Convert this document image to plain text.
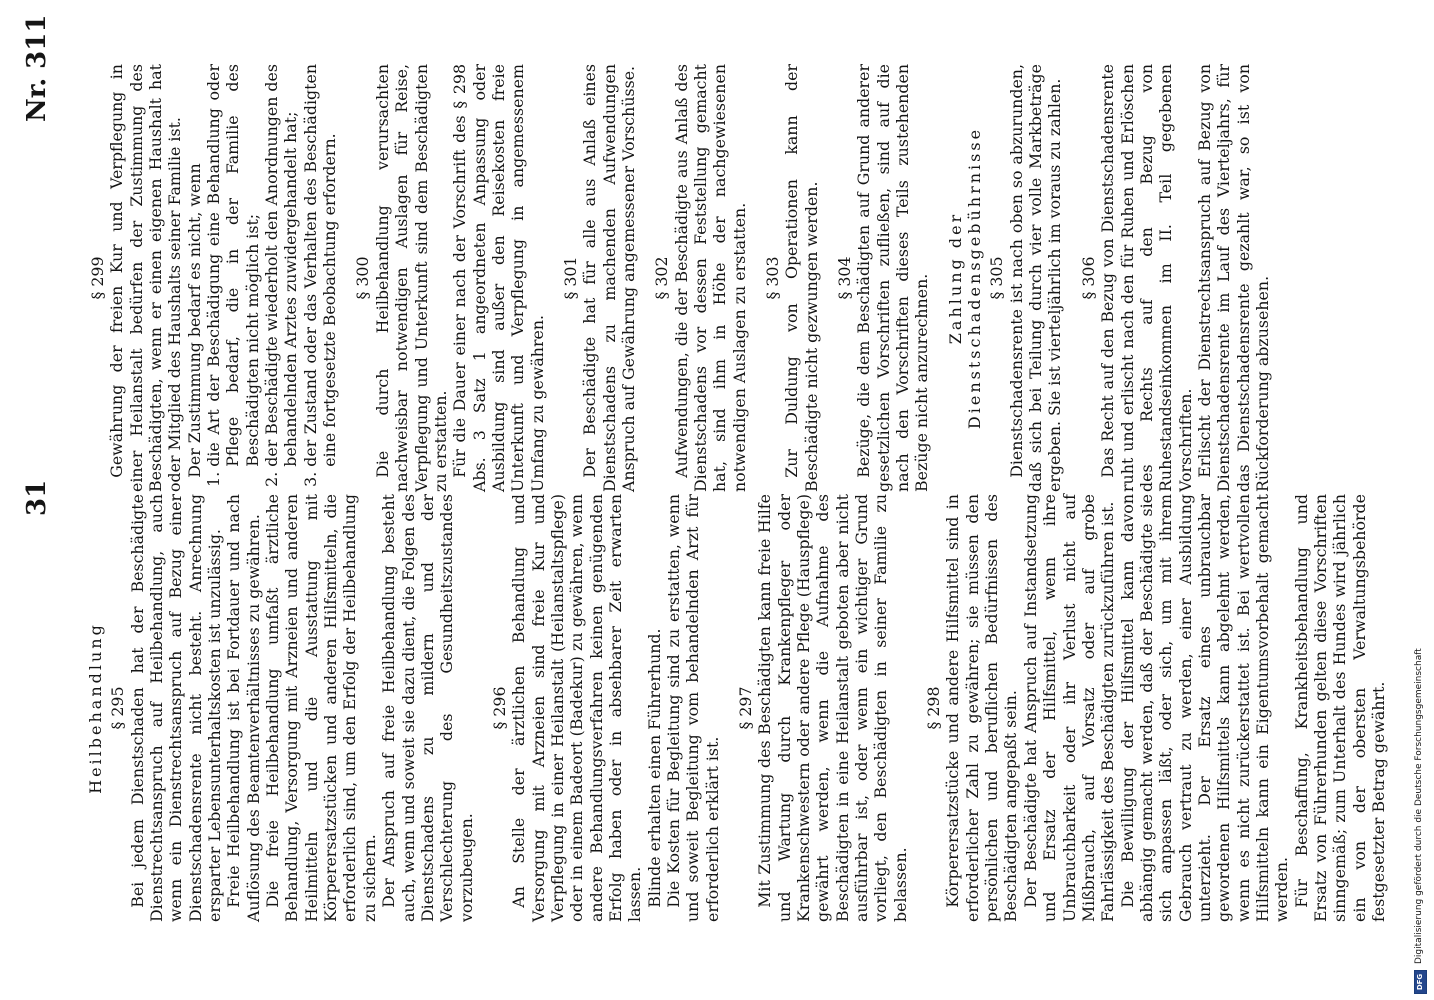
31
Nr. 311
Heilbehandlung § 295 Bei jedem Dienstschaden hat der Beschädigte Dienstrechtsanspruch auf Heilbehandlung, auch wenn ein Dienstrechtsanspruch auf Bezug einer Dienstschadensrente nicht besteht. Anrechnung ersparter Lebensunterhaltskosten ist unzulässig. Freie Heilbehandlung ist bei Fortdauer und nach Auflösung des Beamtenverhältnisses zu gewähren. Die freie Heilbehandlung umfaßt ärztliche Behandlung, Versorgung mit Arzneien und anderen Heilmitteln und die Ausstattung mit Körperersatzstücken und anderen Hilfsmitteln, die erforderlich sind, um den Erfolg der Heilbehandlung zu sichern. Der Anspruch auf freie Heilbehandlung besteht auch, wenn und soweit sie dazu dient, die Folgen des Dienstschadens zu mildern und der Verschlechterung des Gesundheitszustandes vorzubeugen.

§ 296 An Stelle der ärztlichen Behandlung und Versorgung mit Arzneien sind freie Kur und Verpflegung in einer Heilanstalt (Heilanstaltspflege) oder in einem Badeort (Badekur) zu gewähren, wenn andere Behandlungsverfahren keinen genügenden Erfolg haben oder in absehbarer Zeit erwarten lassen. Blinde erhalten einen Führerhund. Die Kosten für Begleitung sind zu erstatten, wenn und soweit Begleitung vom behandelnden Arzt für erforderlich erklärt ist.

§ 297 Mit Zustimmung des Beschädigten kann freie Hilfe und Wartung durch Krankenpfleger oder Krankenschwestern oder andere Pflege (Hauspflege) gewährt werden, wenn die Aufnahme des Beschädigten in eine Heilanstalt geboten aber nicht ausführbar ist, oder wenn ein wichtiger Grund vorliegt, den Beschädigten in seiner Familie zu belassen.

§ 298 Körperersatzstücke und andere Hilfsmittel sind in erforderlicher Zahl zu gewähren; sie müssen den persönlichen und beruflichen Bedürfnissen des Beschädigten angepaßt sein. Der Beschädigte hat Anspruch auf Instandsetzung und Ersatz der Hilfsmittel, wenn ihre Unbrauchbarkeit oder ihr Verlust nicht auf Mißbrauch, auf Vorsatz oder auf grobe Fahrlässigkeit des Beschädigten zurückzuführen ist. Die Bewilligung der Hilfsmittel kann davon abhängig gemacht werden, daß der Beschädigte sie sich anpassen läßt, oder sich, um mit ihrem Gebrauch vertraut zu werden, einer Ausbildung unterzieht. Der Ersatz eines unbrauchbar gewordenen Hilfsmittels kann abgelehnt werden, wenn es nicht zurückerstattet ist. Bei wertvollen Hilfsmitteln kann ein Eigentumsvorbehalt gemacht werden. Für Beschaffung, Krankheitsbehandlung und Ersatz von Führerhunden gelten diese Vorschriften sinngemäß; zum Unterhalt des Hundes wird jährlich ein von der obersten Verwaltungsbehörde festgesetzter Betrag gewährt.

§ 299 Gewährung der freien Kur und Verpflegung in einer Heilanstalt bedürfen der Zustimmung des Beschädigten, wenn er einen eigenen Haushalt hat oder Mitglied des Haushalts seiner Familie ist. Der Zustimmung bedarf es nicht, wenn 1. die Art der Beschädigung eine Behandlung oder Pflege bedarf, die in der Familie des Beschädigten nicht möglich ist; 2. der Beschädigte wiederholt den Anordnungen des behandelnden Arztes zuwidergehandelt hat; 3. der Zustand oder das Verhalten des Beschädigten eine fortgesetzte Beobachtung erfordern. § 300 Die durch Heilbehandlung verursachten nachweisbar notwendigen Auslagen für Reise, Verpflegung und Unterkunft sind dem Beschädigten zu erstatten. Für die Dauer einer nach der Vorschrift des § 298 Abs. 3 Satz 1 angeordneten Anpassung oder Ausbildung sind außer den Reisekosten freie Unterkunft und Verpflegung in angemessenem Umfang zu gewähren.

§ 301 Der Beschädigte hat für alle aus Anlaß eines Dienstschadens zu machenden Aufwendungen Anspruch auf Gewährung angemessener Vorschüsse. § 302 Aufwendungen, die der Beschädigte aus Anlaß des Dienstschadens vor dessen Feststellung gemacht hat, sind ihm in Höhe der nachgewiesenen notwendigen Auslagen zu erstatten. § 303 Zur Duldung von Operationen kann der Beschädigte nicht gezwungen werden. § 304 Bezüge, die dem Beschädigten auf Grund anderer gesetzlichen Vorschriften zufließen, sind auf die nach den Vorschriften dieses Teils zustehenden Bezüge nicht anzurechnen. Zahlung der Dienstschadensgebührnisse § 305 Dienstschadensrente ist nach oben so abzurunden, daß sich bei Teilung durch vier volle Markbeträge ergeben. Sie ist vierteljährlich im voraus zu zahlen. § 306 Das Recht auf den Bezug von Dienstschadensrente ruht und erlischt nach den für Ruhen und Erlöschen des Rechts auf den Bezug von Ruhestandseinkommen im II. Teil gegebenen Vorschriften. Erlischt der Dienstrechtsanspruch auf Bezug von Dienstschadensrente im Lauf des Vierteljahrs, für das Dienstschadensrente gezahlt war, so ist von Rückforderung abzusehen.

DFG
Digitalisierung gefördert durch die Deutsche Forschungsgemeinschaft
